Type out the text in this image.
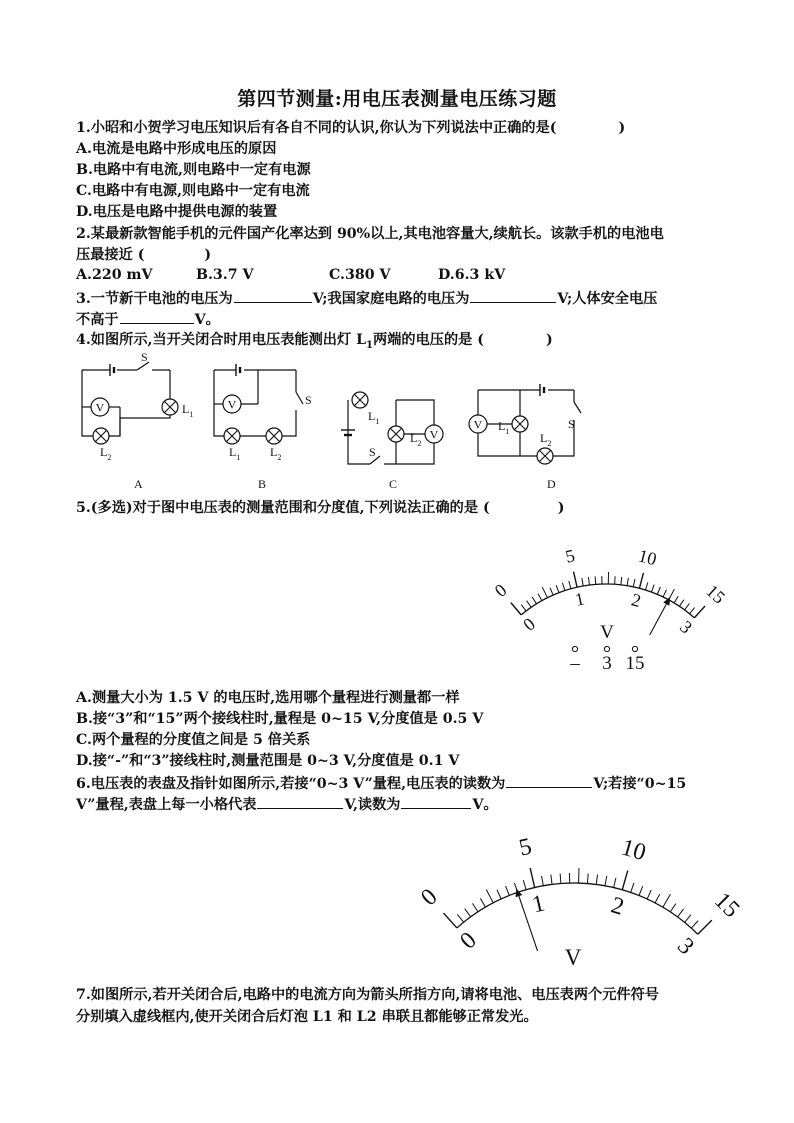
第四节测量:用电压表测量电压练习题
1.小昭和小贺学习电压知识后有各自不同的认识,你认为下列说法中正确的是(	)
A.电流是电路中形成电压的原因
B.电路中有电流,则电路中一定有电源
C.电路中有电源,则电路中一定有电流
D.电压是电路中提供电源的装置
2.某最新款智能手机的元件国产化率达到 90%以上,其电池容量大,续航长。该款手机的电池电
压最接近 (	)
A.220 mV	B.3.7 V	C.380 V	D.6.3 kV
3.一节新干电池的电压为	V;我国家庭电路的电压为	V;人体安全电压
不高于	V。
4.如图所示,当开关闭合时用电压表能测出灯 $L_1$两端的电压的是 (	)
V
S
$L_1$
$L_2$
A
V	S
$L_1$ $L_2$
B
V
$L_1$
$L_2$
S
C
V $L_1$	$L_2$
S
D
5.(多选)对于图中电压表的测量范围和分度值,下列说法正确的是 (	)
0
5	10
15
0
1 2
3
V
– 3 15
A.测量大小为 1.5 V 的电压时,选用哪个量程进行测量都一样
B.接“3”和“15”两个接线柱时,量程是 0~15 V,分度值是 0.5 V
C.两个量程的分度值之间是 5 倍关系
D.接“-”和“3”接线柱时,测量范围是 0~3 V,分度值是 0.1 V
6.电压表的表盘及指针如图所示,若接“0~3 V”量程,电压表的读数为	V;若接“0~15
V”量程,表盘上每一小格代表	V,读数为	V。
0
5	10
15
0
1	2
3
V
7.如图所示,若开关闭合后,电路中的电流方向为箭头所指方向,请将电池、电压表两个元件符号
分别填入虚线框内,使开关闭合后灯泡 L1 和 L2 串联且都能够正常发光。
